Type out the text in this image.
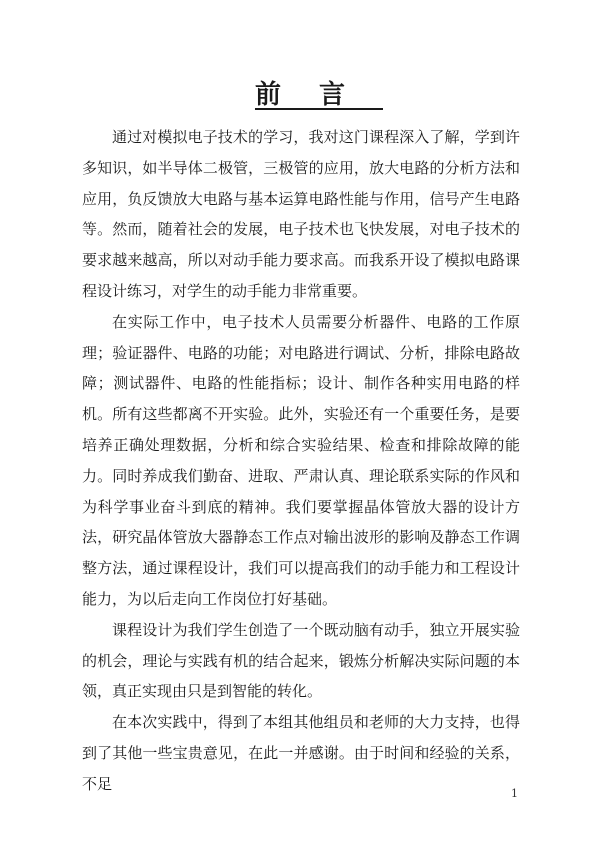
前言

通过对模拟电子技术的学习，我对这门课程深入了解，学到许多知识，如半导体二极管，三极管的应用，放大电路的分析方法和应用，负反馈放大电路与基本运算电路性能与作用，信号产生电路等。然而，随着社会的发展，电子技术也飞快发展，对电子技术的要求越来越高，所以对动手能力要求高。而我系开设了模拟电路课程设计练习，对学生的动手能力非常重要。

在实际工作中，电子技术人员需要分析器件、电路的工作原理；验证器件、电路的功能；对电路进行调试、分析，排除电路故障；测试器件、电路的性能指标；设计、制作各种实用电路的样机。所有这些都离不开实验。此外，实验还有一个重要任务，是要培养正确处理数据，分析和综合实验结果、检查和排除故障的能力。同时养成我们勤奋、进取、严肃认真、理论联系实际的作风和为科学事业奋斗到底的精神。我们要掌握晶体管放大器的设计方法，研究晶体管放大器静态工作点对输出波形的影响及静态工作调整方法，通过课程设计，我们可以提高我们的动手能力和工程设计能力，为以后走向工作岗位打好基础。

课程设计为我们学生创造了一个既动脑有动手，独立开展实验的机会，理论与实践有机的结合起来，锻炼分析解决实际问题的本领，真正实现由只是到智能的转化。

在本次实践中，得到了本组其他组员和老师的大力支持，也得到了其他一些宝贵意见，在此一并感谢。由于时间和经验的关系，不足

1
